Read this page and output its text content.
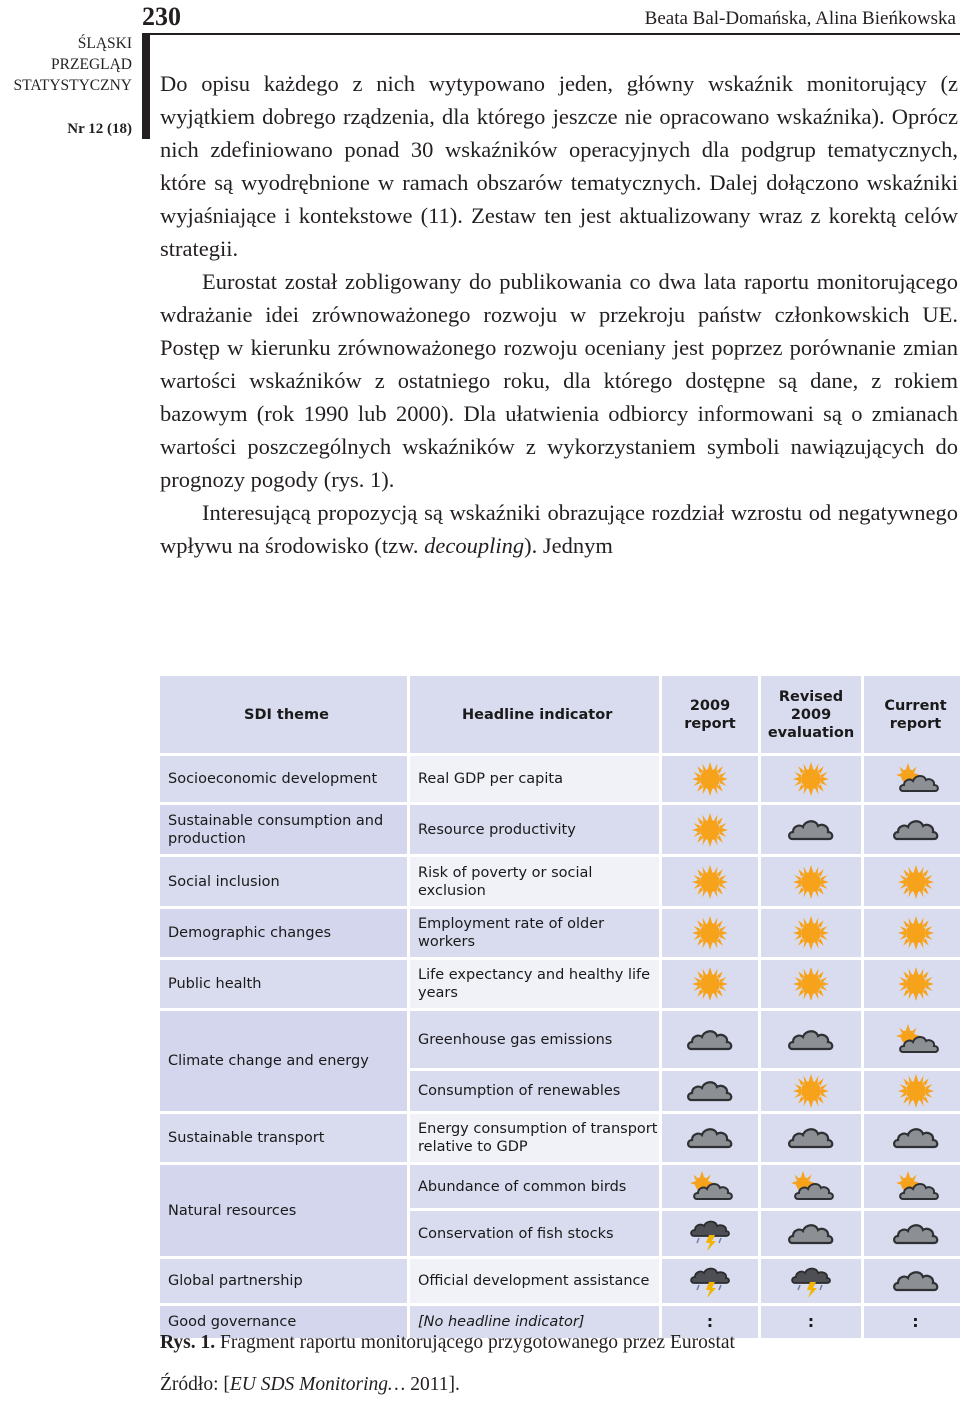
230	Beata Bal-Domańska, Alina Bieńkowska
ŚLĄSKI
PRZEGLĄD
STATYSTYCZNY
Nr 12 (18)

Do opisu każdego z nich wytypowano jeden, główny wskaźnik monitorujący (z wyjątkiem dobrego rządzenia, dla którego jeszcze nie opracowano wskaźnika). Oprócz nich zdefiniowano ponad 30 wskaźników operacyjnych dla podgrup tematycznych, które są wyodrębnione w ramach obszarów tematycznych. Dalej dołączono wskaźniki wyjaśniające i kontekstowe (11). Zestaw ten jest aktualizowany wraz z korektą celów strategii.

Eurostat został zobligowany do publikowania co dwa lata raportu monitorującego wdrażanie idei zrównoważonego rozwoju w przekroju państw członkowskich UE. Postęp w kierunku zrównoważonego rozwoju oceniany jest poprzez porównanie zmian wartości wskaźników z ostatniego roku, dla którego dostępne są dane, z rokiem bazowym (rok 1990 lub 2000). Dla ułatwienia odbiorcy informowani są o zmianach wartości poszczególnych wskaźników z wykorzystaniem symboli nawiązujących do prognozy pogody (rys. 1).

Interesującą propozycją są wskaźniki obrazujące rozdział wzrostu od negatywnego wpływu na środowisko (tzw. decoupling). Jednym

SDI theme	Headline indicator	2009 report	Revised 2009 evaluation	Current report
Socioeconomic development	Real GDP per capita			
Sustainable consumption and production	Resource productivity			
Social inclusion	Risk of poverty or social exclusion			
Demographic changes	Employment rate of older workers			
Public health	Life expectancy and healthy life years			
Climate change and energy	Greenhouse gas emissions			
	Consumption of renewables			
Sustainable transport	Energy consumption of transport relative to GDP			
Natural resources	Abundance of common birds			
	Conservation of fish stocks			
Global partnership	Official development assistance			
Good governance	[No headline indicator]	:	:	:
Rys. 1. Fragment raportu monitorującego przygotowanego przez Eurostat
Źródło: [EU SDS Monitoring… 2011].
